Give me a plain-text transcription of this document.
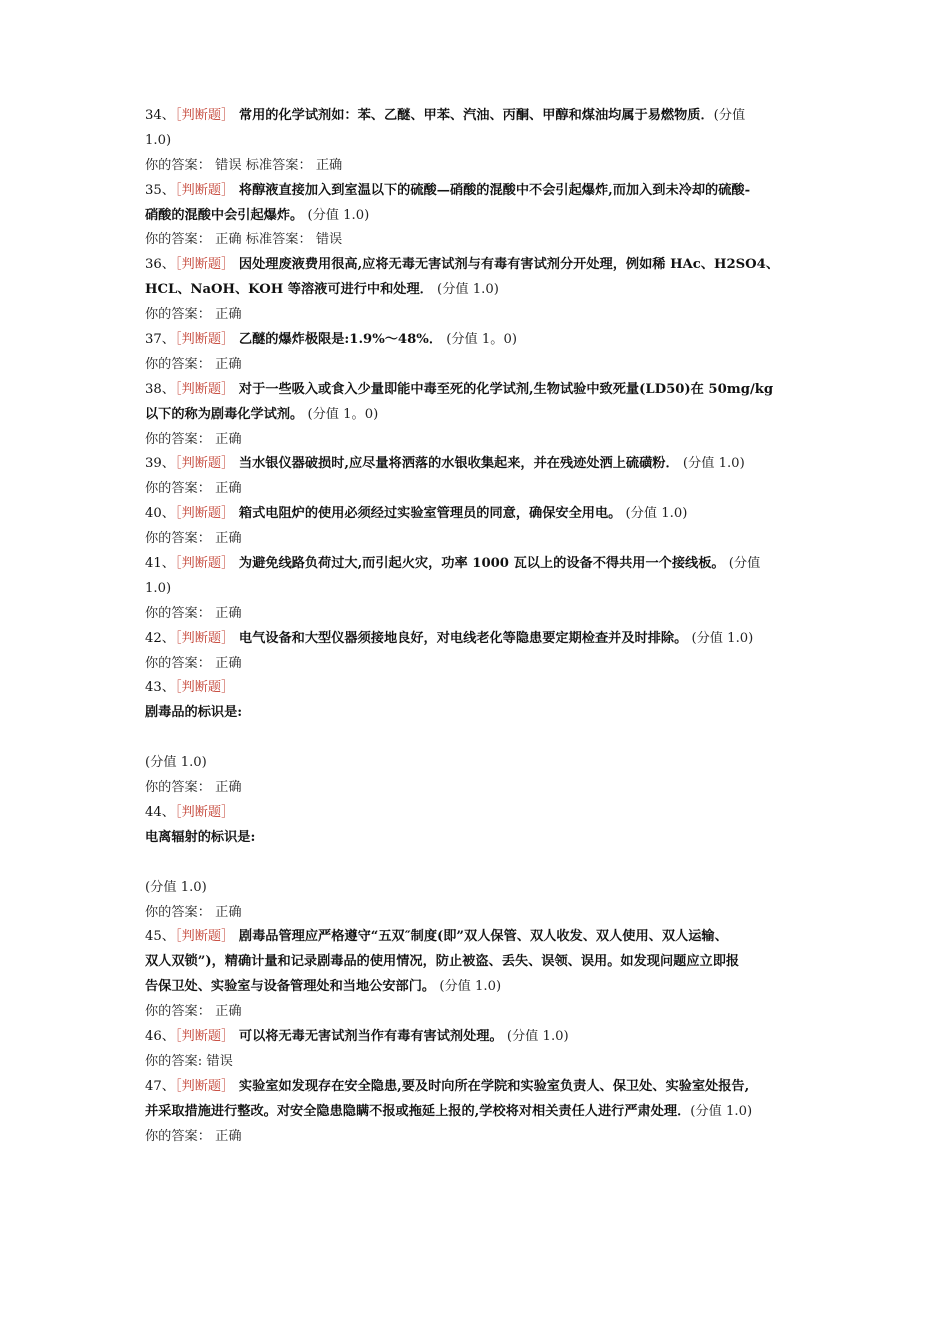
34、［判断题］ 常用的化学试剂如：苯、乙醚、甲苯、汽油、丙酮、甲醇和煤油均属于易燃物质．(分值
1.0)
你的答案： 错误 标准答案： 正确
35、［判断题］ 将醇液直接加入到室温以下的硫酸—硝酸的混酸中不会引起爆炸,而加入到未冷却的硫酸-
硝酸的混酸中会引起爆炸。 (分值 1.0)
你的答案： 正确 标准答案： 错误
36、［判断题］ 因处理废液费用很高,应将无毒无害试剂与有毒有害试剂分开处理，例如稀 HAc、H2SO4、
HCL、NaOH、KOH 等溶液可进行中和处理． (分值 1.0)
你的答案： 正确
37、［判断题］ 乙醚的爆炸极限是:1.9%～48%． (分值 1。0)
你的答案： 正确
38、［判断题］ 对于一些吸入或食入少量即能中毒至死的化学试剂,生物试验中致死量(LD50)在 50mg/kg
以下的称为剧毒化学试剂。 (分值 1。0)
你的答案： 正确
39、［判断题］ 当水银仪器破损时,应尽量将洒落的水银收集起来，并在残迹处洒上硫磺粉． (分值 1.0)
你的答案： 正确
40、［判断题］ 箱式电阻炉的使用必须经过实验室管理员的同意，确保安全用电。 (分值 1.0)
你的答案： 正确
41、［判断题］ 为避免线路负荷过大,而引起火灾，功率 1000 瓦以上的设备不得共用一个接线板。 (分值
1.0)
你的答案： 正确
42、［判断题］ 电气设备和大型仪器须接地良好，对电线老化等隐患要定期检查并及时排除。 (分值 1.0)
你的答案： 正确
43、［判断题］
剧毒品的标识是:
(分值 1.0)
你的答案： 正确
44、［判断题］
电离辐射的标识是:
(分值 1.0)
你的答案： 正确
45、［判断题］ 剧毒品管理应严格遵守“五双″制度(即”双人保管、双人收发、双人使用、双人运输、
双人双锁”)，精确计量和记录剧毒品的使用情况，防止被盗、丢失、误领、误用。如发现问题应立即报
告保卫处、实验室与设备管理处和当地公安部门。 (分值 1.0)
你的答案： 正确
46、［判断题］ 可以将无毒无害试剂当作有毒有害试剂处理。 (分值 1.0)
你的答案: 错误
47、［判断题］ 实验室如发现存在安全隐患,要及时向所在学院和实验室负责人、保卫处、实验室处报告,
并采取措施进行整改。对安全隐患隐瞒不报或拖延上报的,学校将对相关责任人进行严肃处理．(分值 1.0)
你的答案： 正确
